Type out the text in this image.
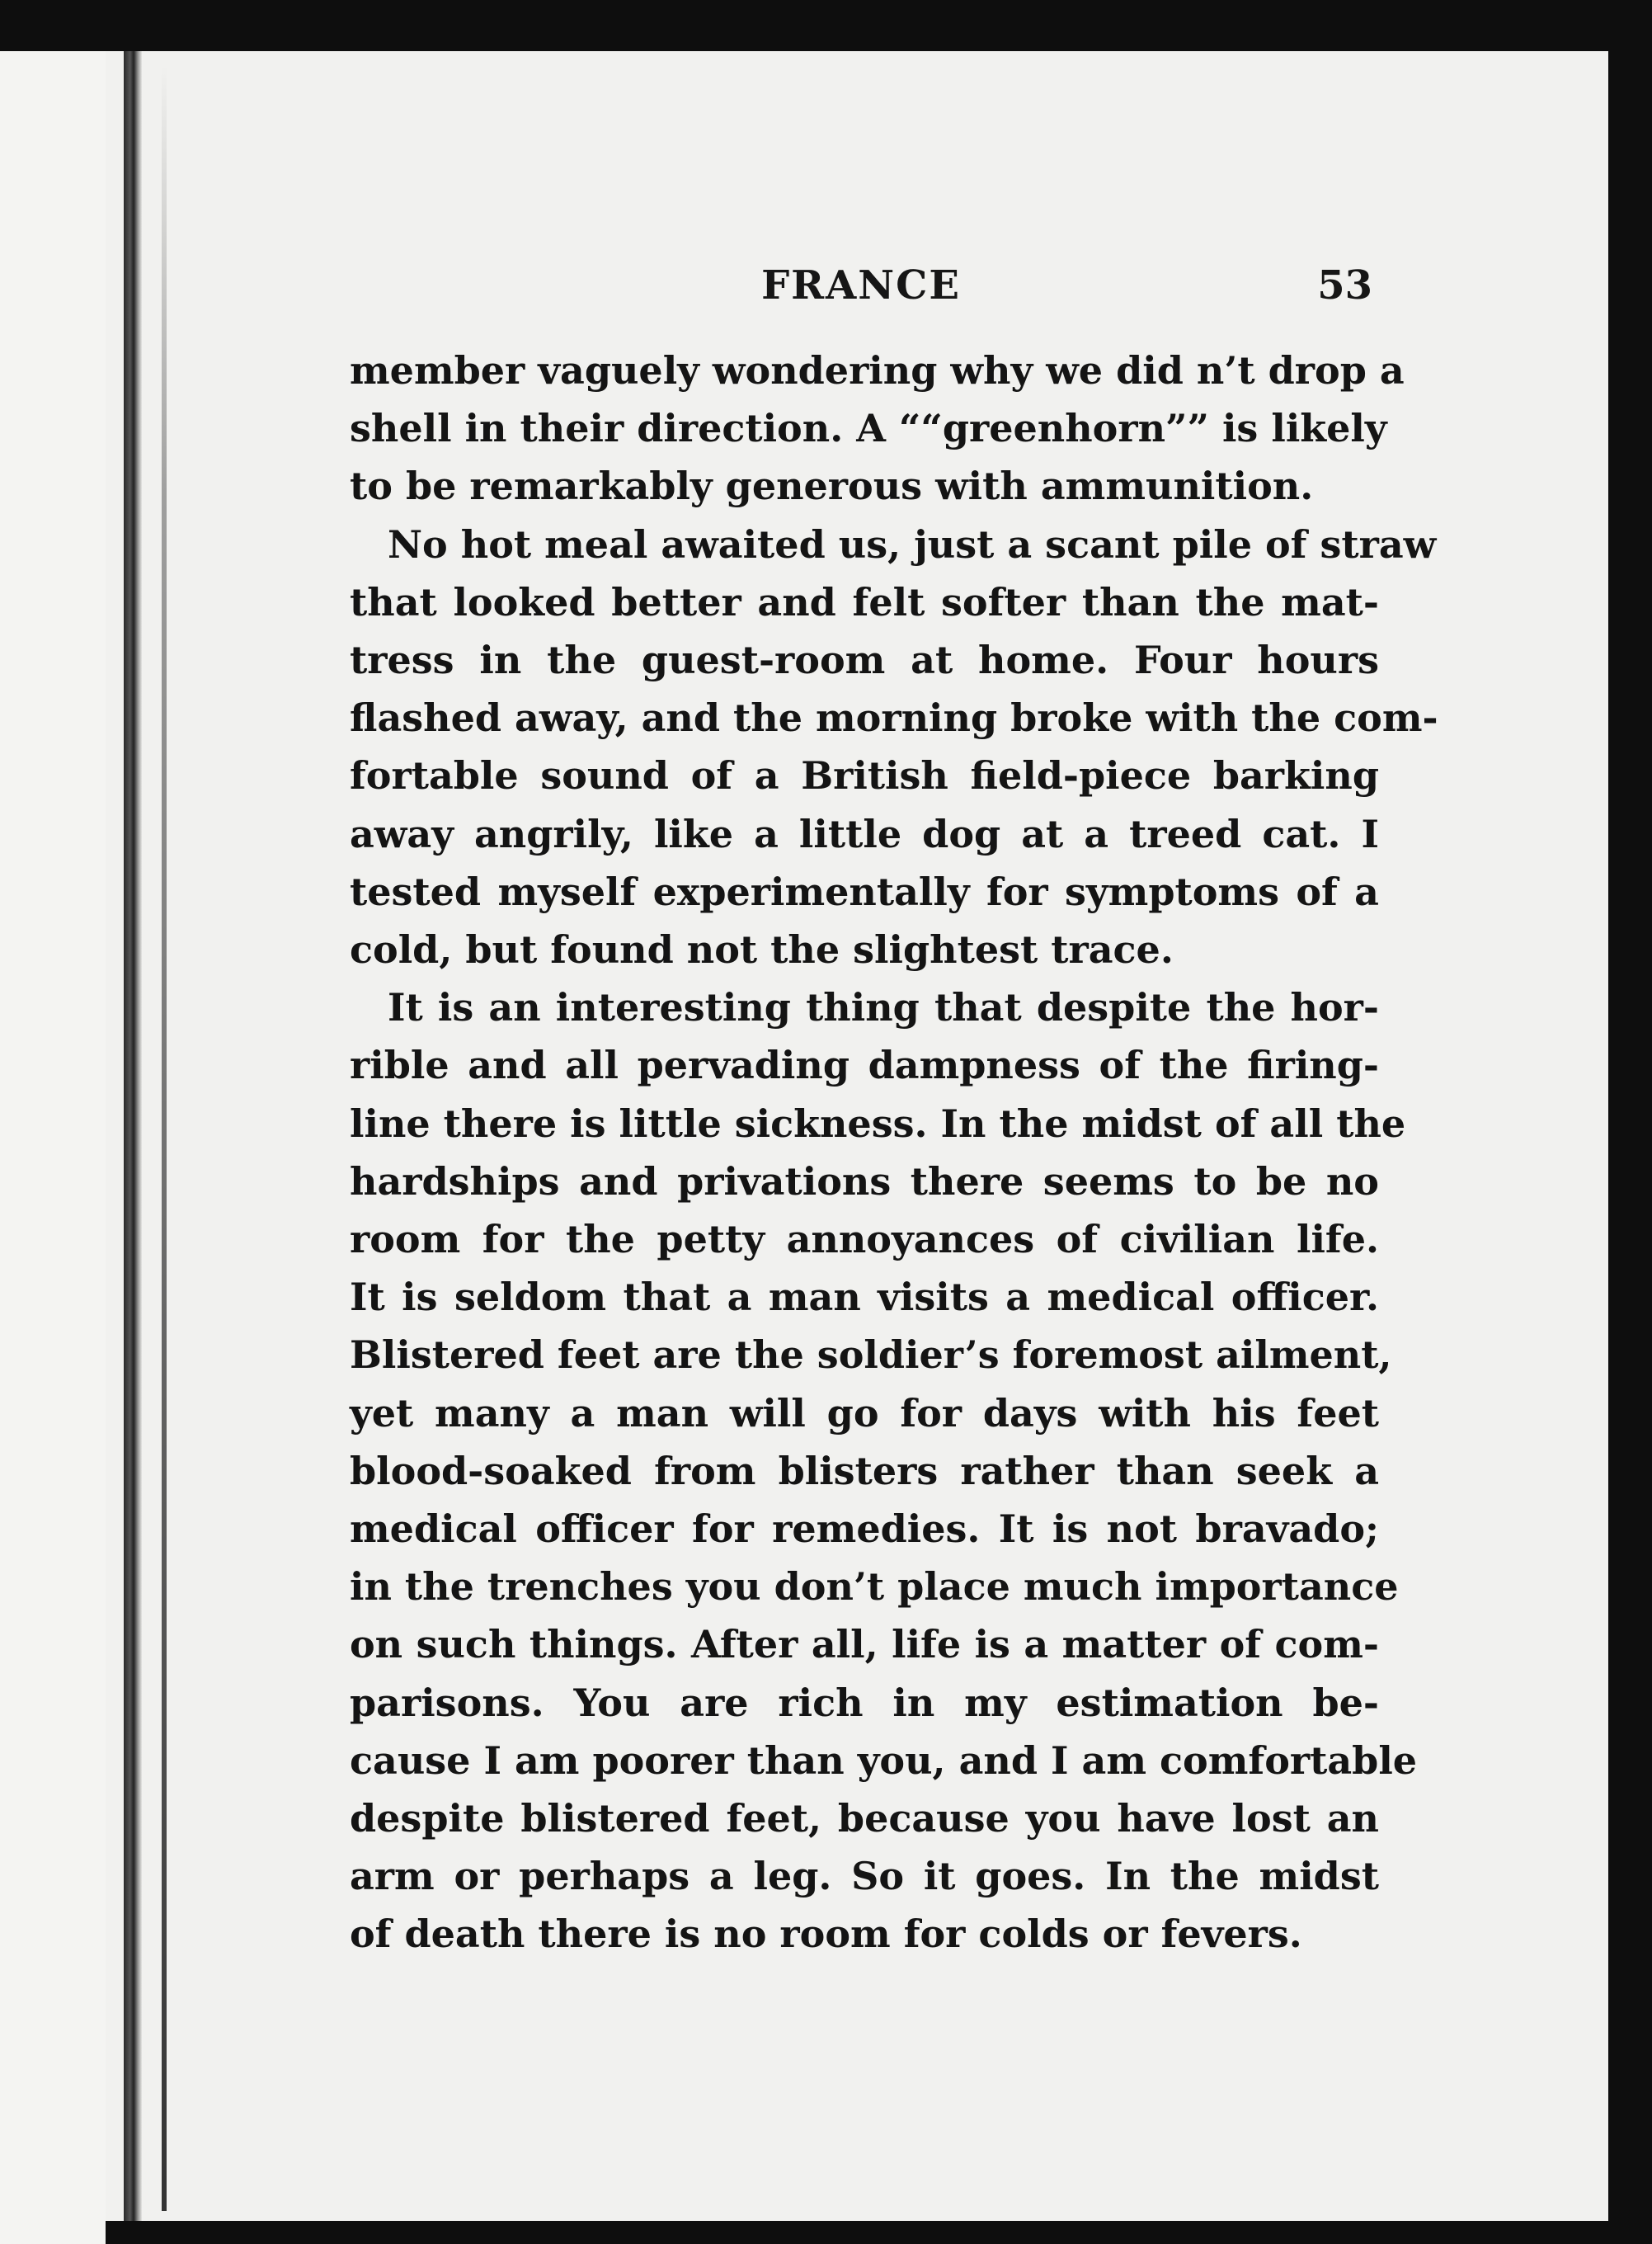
FRANCE	53

member vaguely wondering why we did n’t drop a

shell in their direction. A ““greenhorn”” is likely

to be remarkably generous with ammunition.

No hot meal awaited us, just a scant pile of straw

that looked better and felt softer than the mat-

tress in the guest-room at home. Four hours

flashed away, and the morning broke with the com-

fortable sound of a British field-piece barking

away angrily, like a little dog at a treed cat. I

tested myself experimentally for symptoms of a

cold, but found not the slightest trace.

It is an interesting thing that despite the hor-

rible and all pervading dampness of the firing-

line there is little sickness. In the midst of all the

hardships and privations there seems to be no

room for the petty annoyances of civilian life.

It is seldom that a man visits a medical officer.

Blistered feet are the soldier’s foremost ailment,

yet many a man will go for days with his feet

blood-soaked from blisters rather than seek a

medical officer for remedies. It is not bravado;

in the trenches you don’t place much importance

on such things. After all, life is a matter of com-

parisons. You are rich in my estimation be-

cause I am poorer than you, and I am comfortable

despite blistered feet, because you have lost an

arm or perhaps a leg. So it goes. In the midst

of death there is no room for colds or fevers.
